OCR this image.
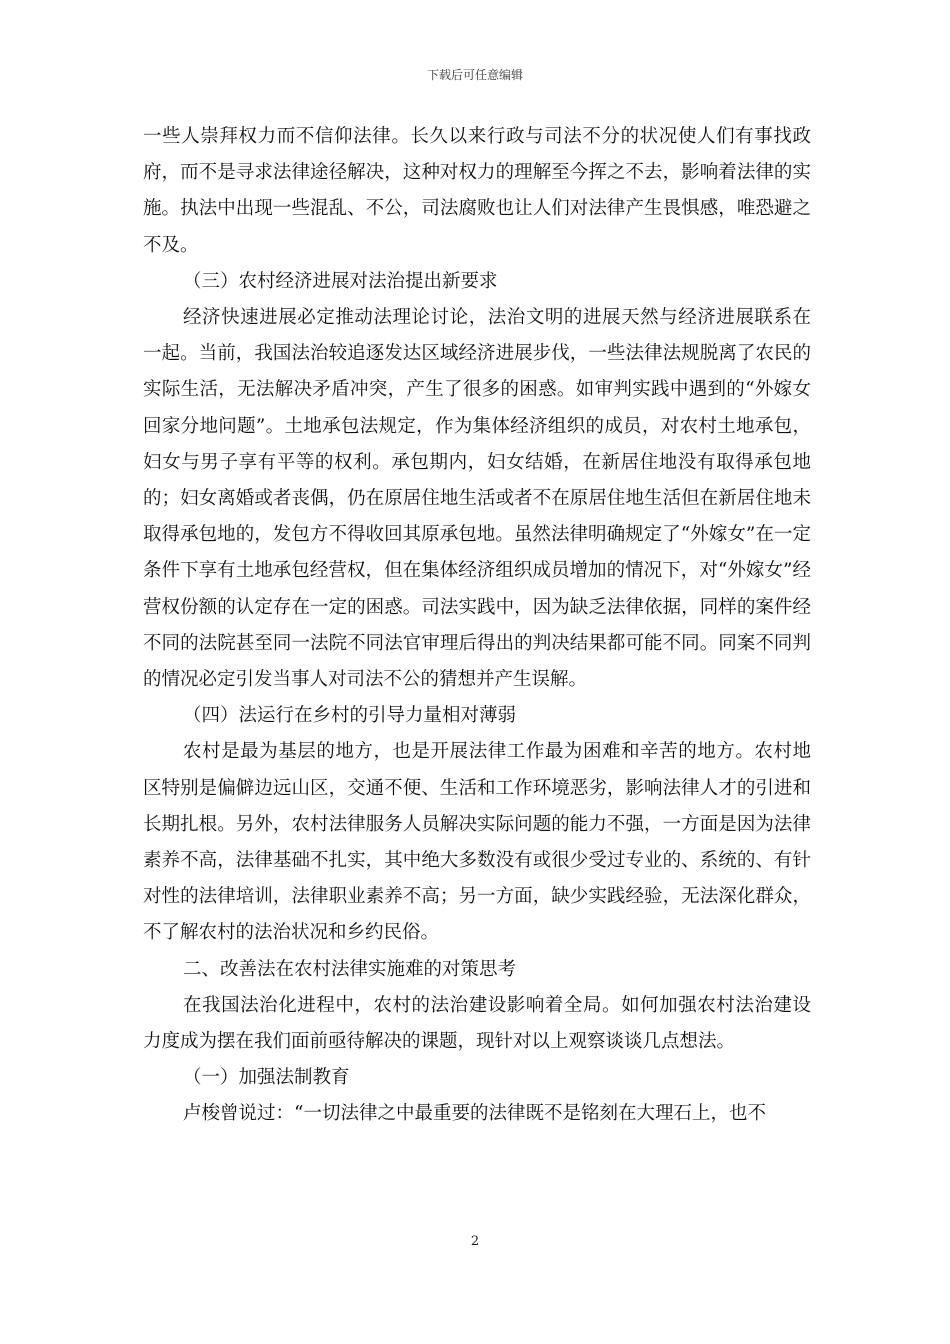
下载后可任意编辑

一些人崇拜权力而不信仰法律。长久以来行政与司法不分的状况使人们有事找政府，而不是寻求法律途径解决，这种对权力的理解至今挥之不去，影响着法律的实施。执法中出现一些混乱、不公，司法腐败也让人们对法律产生畏惧感，唯恐避之不及。

（三）农村经济进展对法治提出新要求

经济快速进展必定推动法理论讨论，法治文明的进展天然与经济进展联系在一起。当前，我国法治较追逐发达区域经济进展步伐，一些法律法规脱离了农民的实际生活，无法解决矛盾冲突，产生了很多的困惑。如审判实践中遇到的“外嫁女回家分地问题”。土地承包法规定，作为集体经济组织的成员，对农村土地承包，妇女与男子享有平等的权利。承包期内，妇女结婚，在新居住地没有取得承包地的；妇女离婚或者丧偶，仍在原居住地生活或者不在原居住地生活但在新居住地未取得承包地的，发包方不得收回其原承包地。虽然法律明确规定了“外嫁女”在一定条件下享有土地承包经营权，但在集体经济组织成员增加的情况下，对“外嫁女”经营权份额的认定存在一定的困惑。司法实践中，因为缺乏法律依据，同样的案件经不同的法院甚至同一法院不同法官审理后得出的判决结果都可能不同。同案不同判的情况必定引发当事人对司法不公的猜想并产生误解。

（四）法运行在乡村的引导力量相对薄弱

农村是最为基层的地方，也是开展法律工作最为困难和辛苦的地方。农村地区特别是偏僻边远山区，交通不便、生活和工作环境恶劣，影响法律人才的引进和长期扎根。另外，农村法律服务人员解决实际问题的能力不强，一方面是因为法律素养不高，法律基础不扎实，其中绝大多数没有或很少受过专业的、系统的、有针对性的法律培训，法律职业素养不高；另一方面，缺少实践经验，无法深化群众，不了解农村的法治状况和乡约民俗。

二、改善法在农村法律实施难的对策思考

在我国法治化进程中，农村的法治建设影响着全局。如何加强农村法治建设力度成为摆在我们面前亟待解决的课题，现针对以上观察谈谈几点想法。

（一）加强法制教育

卢梭曾说过：“一切法律之中最重要的法律既不是铭刻在大理石上，也不

2
